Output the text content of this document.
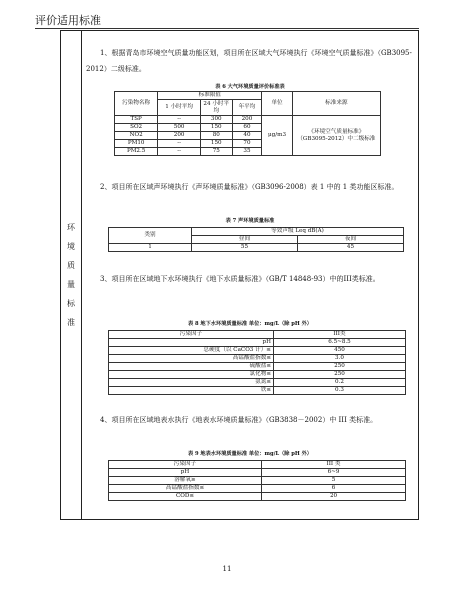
评价适用标准
环
境
质
量
标
准
1、根据青岛市环境空气质量功能区划，项目所在区域大气环境执行《环境空气质量标准》（GB3095-2012）二级标准。
表 6 大气环境质量评价标准表
污染物名称	标准限值			单位	标准来源
	1 小时平均	24 小时平均	年平均		
TSP	--	300	200	μg/m3	《环境空气质量标准》（GB3095-2012）中二级标准
SO2	500	150	60		
NO2	200	80	40		
PM10	--	150	70		
PM2.5	--	75	35		
2、项目所在区域声环境执行《声环境质量标准》（GB3096-2008）表 1 中的 1 类功能区标准。
表 7 声环境质量标准
类别	等效声级 Leq dB(A)	
	昼间	夜间
1	55	45
3、项目所在区域地下水环境执行《地下水质量标准》（GB/T 14848-93）中的III类标准。
表 8 地下水环境质量标准 单位：mg/L（除 pH 外）
污染因子	III类
pH	6.5~8.5
总硬度（以 CaCO3 计）≤	450
高锰酸盐指数≤	3.0
硫酸盐≤	250
氯化物≤	250
氨氮≤	0.2
铁≤	0.3
4、项目所在区域地表水执行《地表水环境质量标准》（GB3838－2002）中 III 类标准。
表 9 地表水环境质量标准 单位：mg/L（除 pH 外）
污染因子	III 类
pH	6~9
溶解氧≥	5
高锰酸盐指数≤	6
COD≤	20
11
